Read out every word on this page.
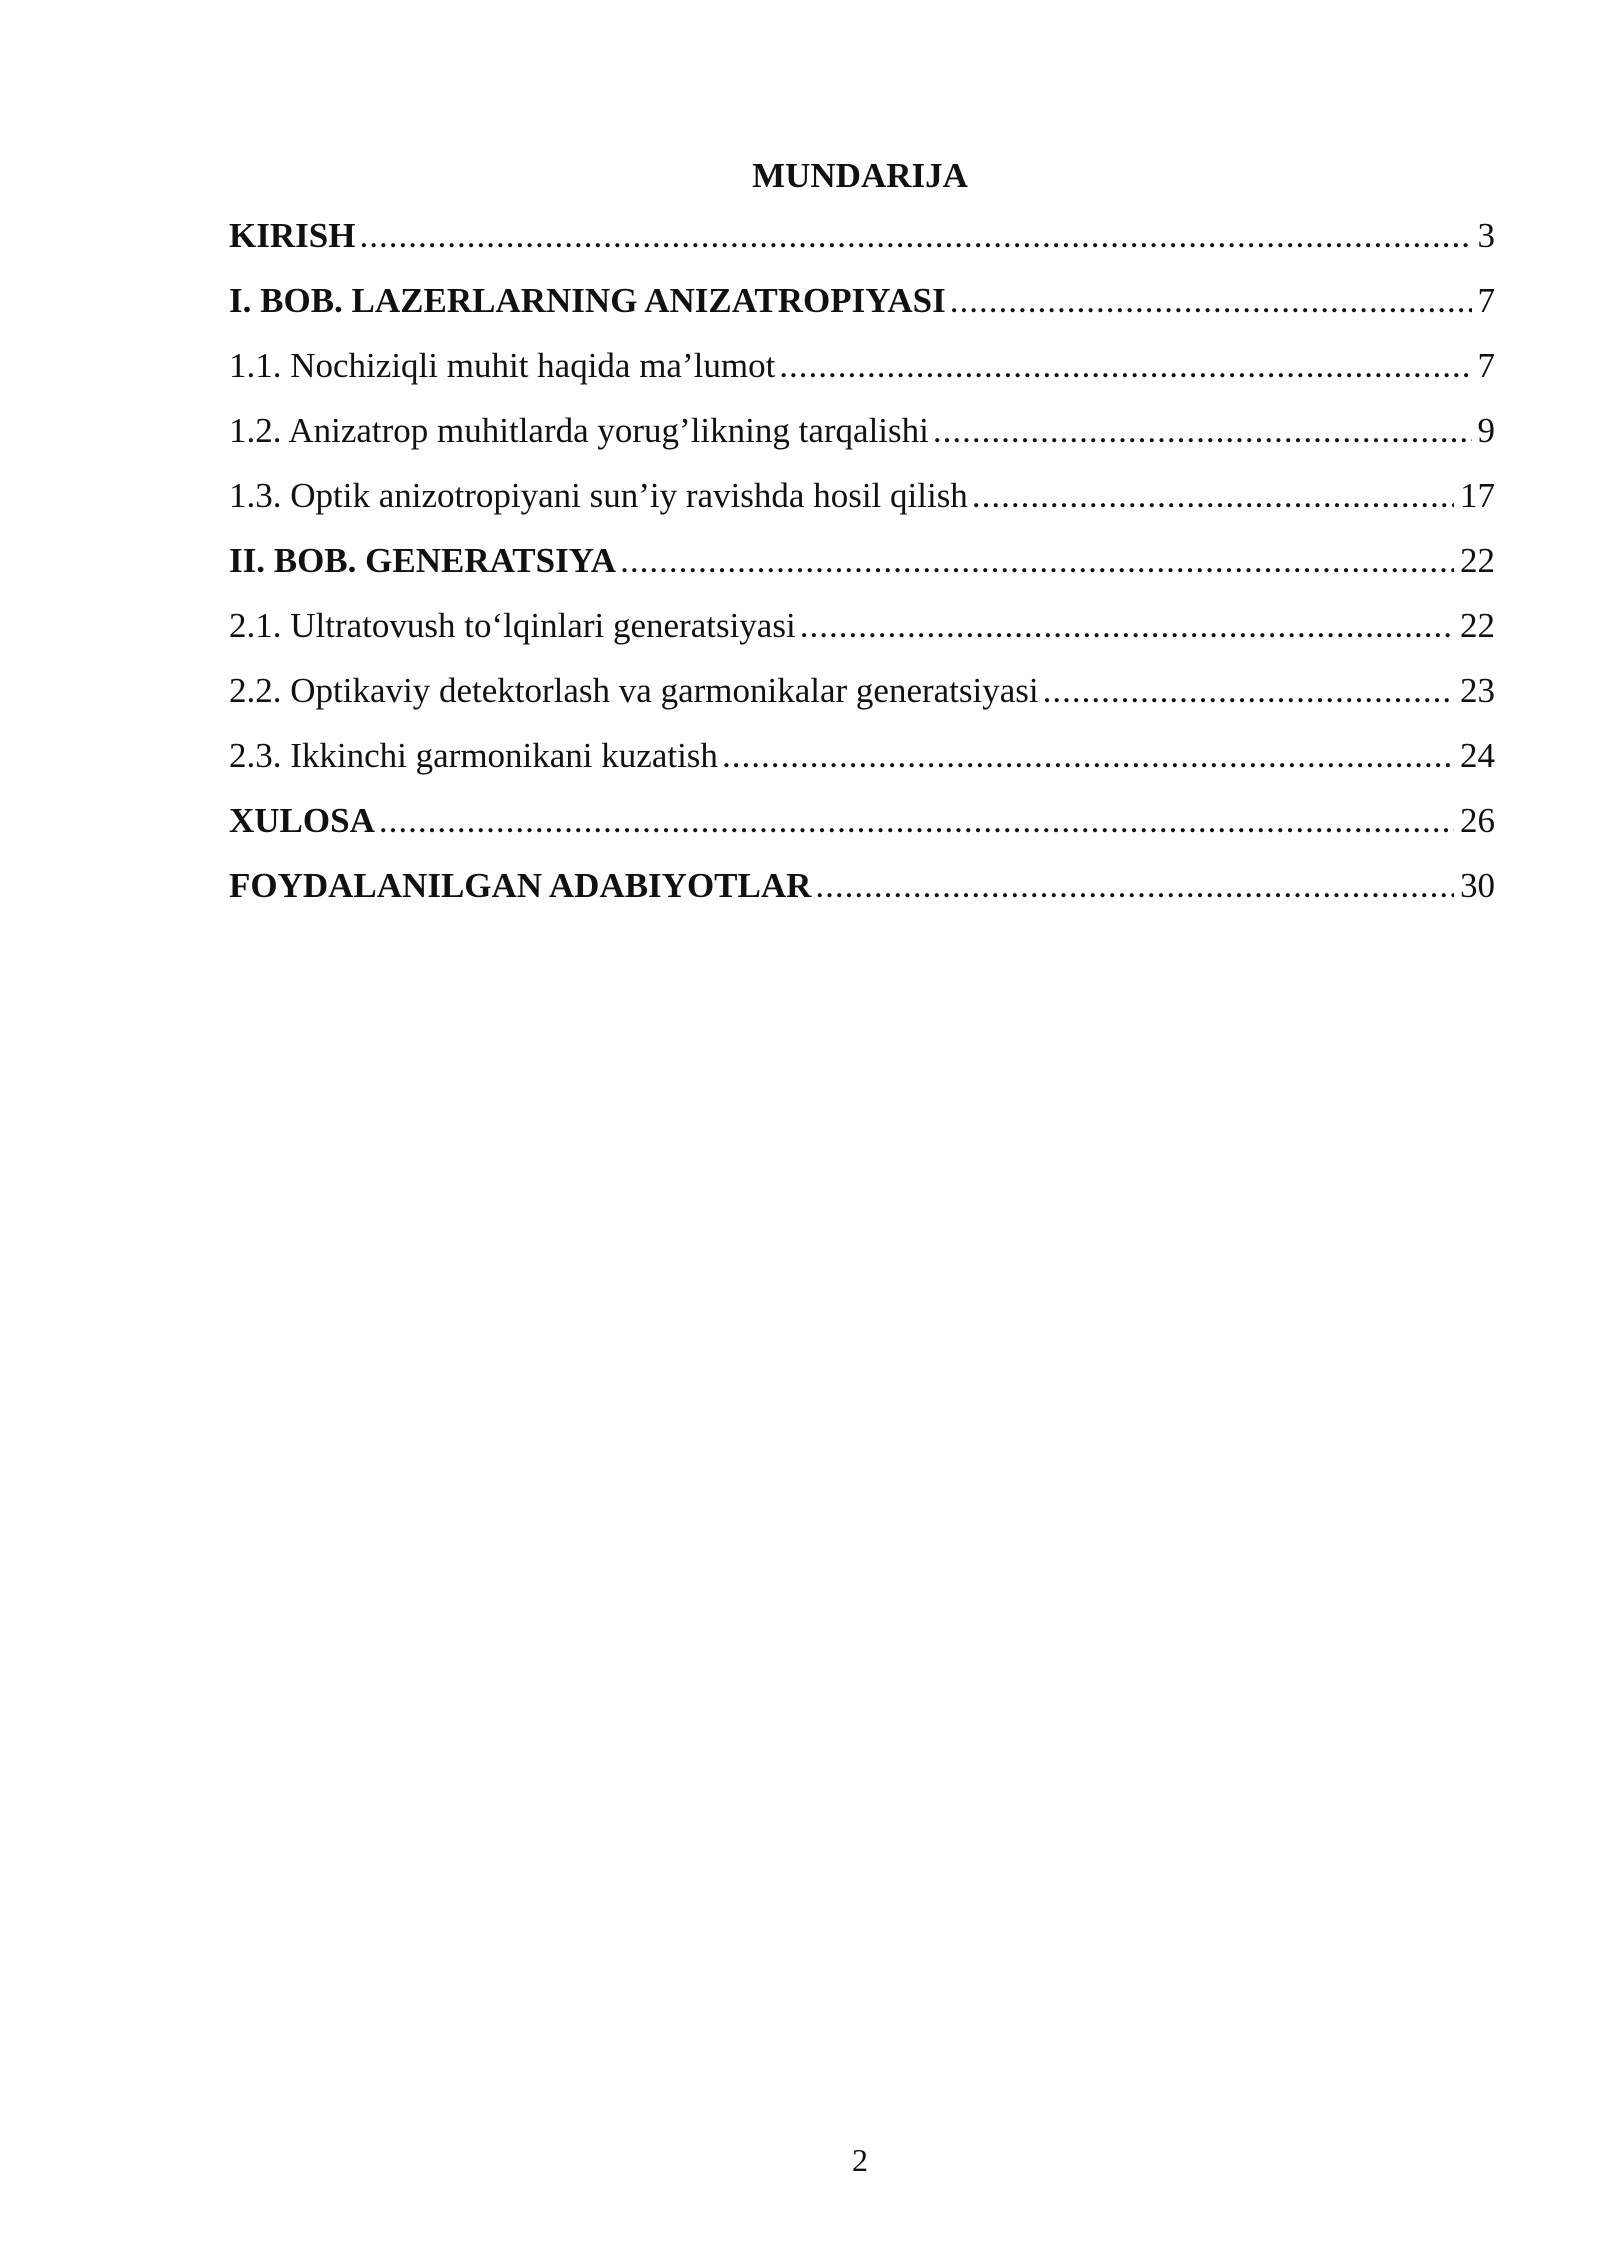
MUNDARIJA
KIRISH .....	3
I. BOB. LAZERLARNING ANIZATROPIYASI .....	7
1.1. Nochiziqli muhit haqida ma’lumot .....	7
1.2. Anizatrop muhitlarda yorug’likning tarqalishi .....	9
1.3. Optik anizotropiyani sun’iy ravishda hosil qilish .....	17
II. BOB. GENERATSIYA .....	22
2.1. Ultratovush to‘lqinlari generatsiyasi .....	22
2.2. Optikaviy detektorlash va garmonikalar generatsiyasi .....	23
2.3. Ikkinchi garmonikani kuzatish .....	24
XULOSA .....	26
FOYDALANILGAN ADABIYOTLAR .....	30
2
